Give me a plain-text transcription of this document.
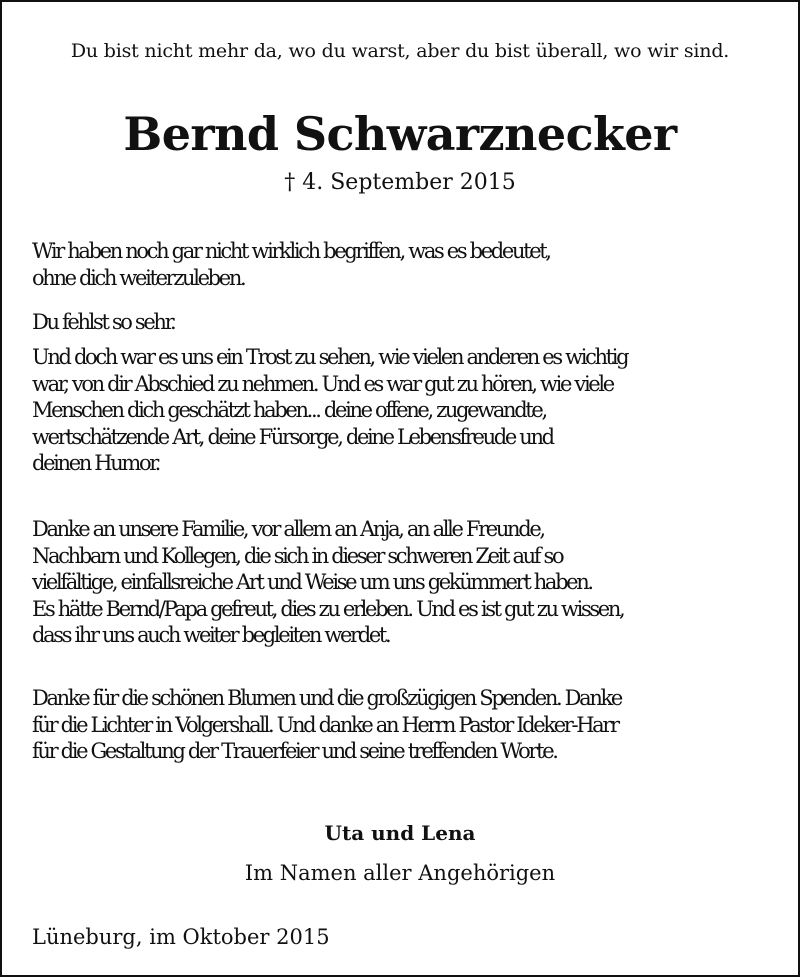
Du bist nicht mehr da, wo du warst, aber du bist überall, wo wir sind.
Bernd Schwarznecker
† 4. September 2015
Wir haben noch gar nicht wirklich begriffen, was es bedeutet,
ohne dich weiterzuleben.
Du fehlst so sehr.
Und doch war es uns ein Trost zu sehen, wie vielen anderen es wichtig
war, von dir Abschied zu nehmen. Und es war gut zu hören, wie viele
Menschen dich geschätzt haben... deine offene, zugewandte,
wertschätzende Art, deine Fürsorge, deine Lebensfreude und
deinen Humor.
Danke an unsere Familie, vor allem an Anja, an alle Freunde,
Nachbarn und Kollegen, die sich in dieser schweren Zeit auf so
vielfältige, einfallsreiche Art und Weise um uns gekümmert haben.
Es hätte Bernd/Papa gefreut, dies zu erleben. Und es ist gut zu wissen,
dass ihr uns auch weiter begleiten werdet.
Danke für die schönen Blumen und die großzügigen Spenden. Danke
für die Lichter in Volgershall. Und danke an Herrn Pastor Ideker-Harr
für die Gestaltung der Trauerfeier und seine treffenden Worte.
Uta und Lena
Im Namen aller Angehörigen
Lüneburg, im Oktober 2015
